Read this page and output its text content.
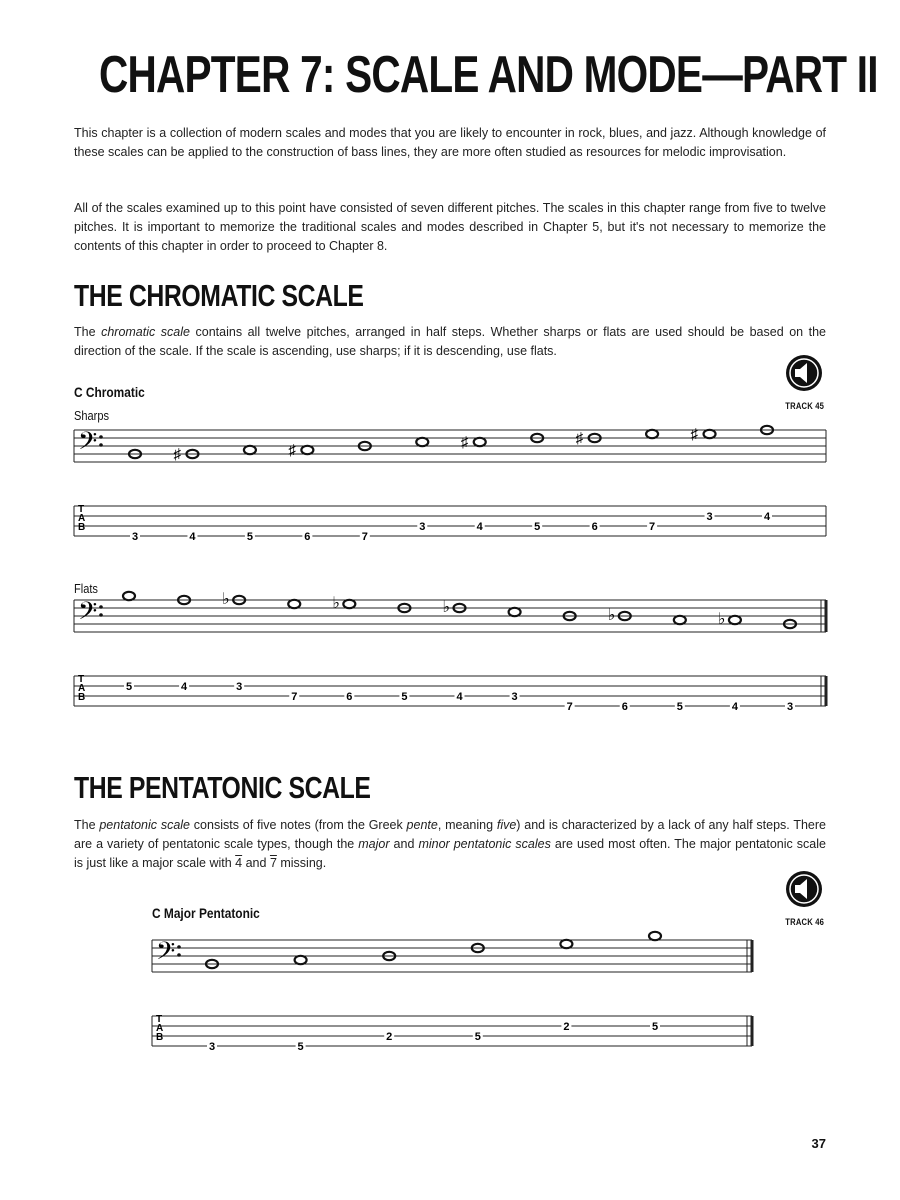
CHAPTER 7: SCALE AND MODE—PART II

This chapter is a collection of modern scales and modes that you are likely to encounter in rock, blues, and jazz. Although knowledge of these scales can be applied to the construction of bass lines, they are more often studied as resources for melodic improvisation.

All of the scales examined up to this point have consisted of seven different pitches. The scales in this chapter range from five to twelve pitches. It is important to memorize the traditional scales and modes described in Chapter 5, but it's not necessary to memorize the contents of this chapter in order to proceed to Chapter 8.

THE CHROMATIC SCALE

The chromatic scale contains all twelve pitches, arranged in half steps. Whether sharps or flats are used should be based on the direction of the scale. If the scale is ascending, use sharps; if it is descending, use flats.

C Chromatic
Sharps
Flats
TRACK 45
𝄢
T
A
B
♯	♯	♯	♯	♯
3	4	5	6	7
3	4	5	6	7
3	4
𝄢
T
A
B
♭	♭	♭	♭	♭
5	4	3
7	6	5	4	3
7	6	5	4	3
THE PENTATONIC SCALE

The pentatonic scale consists of five notes (from the Greek pente, meaning five) and is characterized by a lack of any half steps. There are a variety of pentatonic scale types, though the major and minor pentatonic scales are used most often. The major pentatonic scale is just like a major scale with 4 and 7 missing.

C Major Pentatonic
TRACK 46
𝄢
T
A
B
3	5
2	5
2	5
37
